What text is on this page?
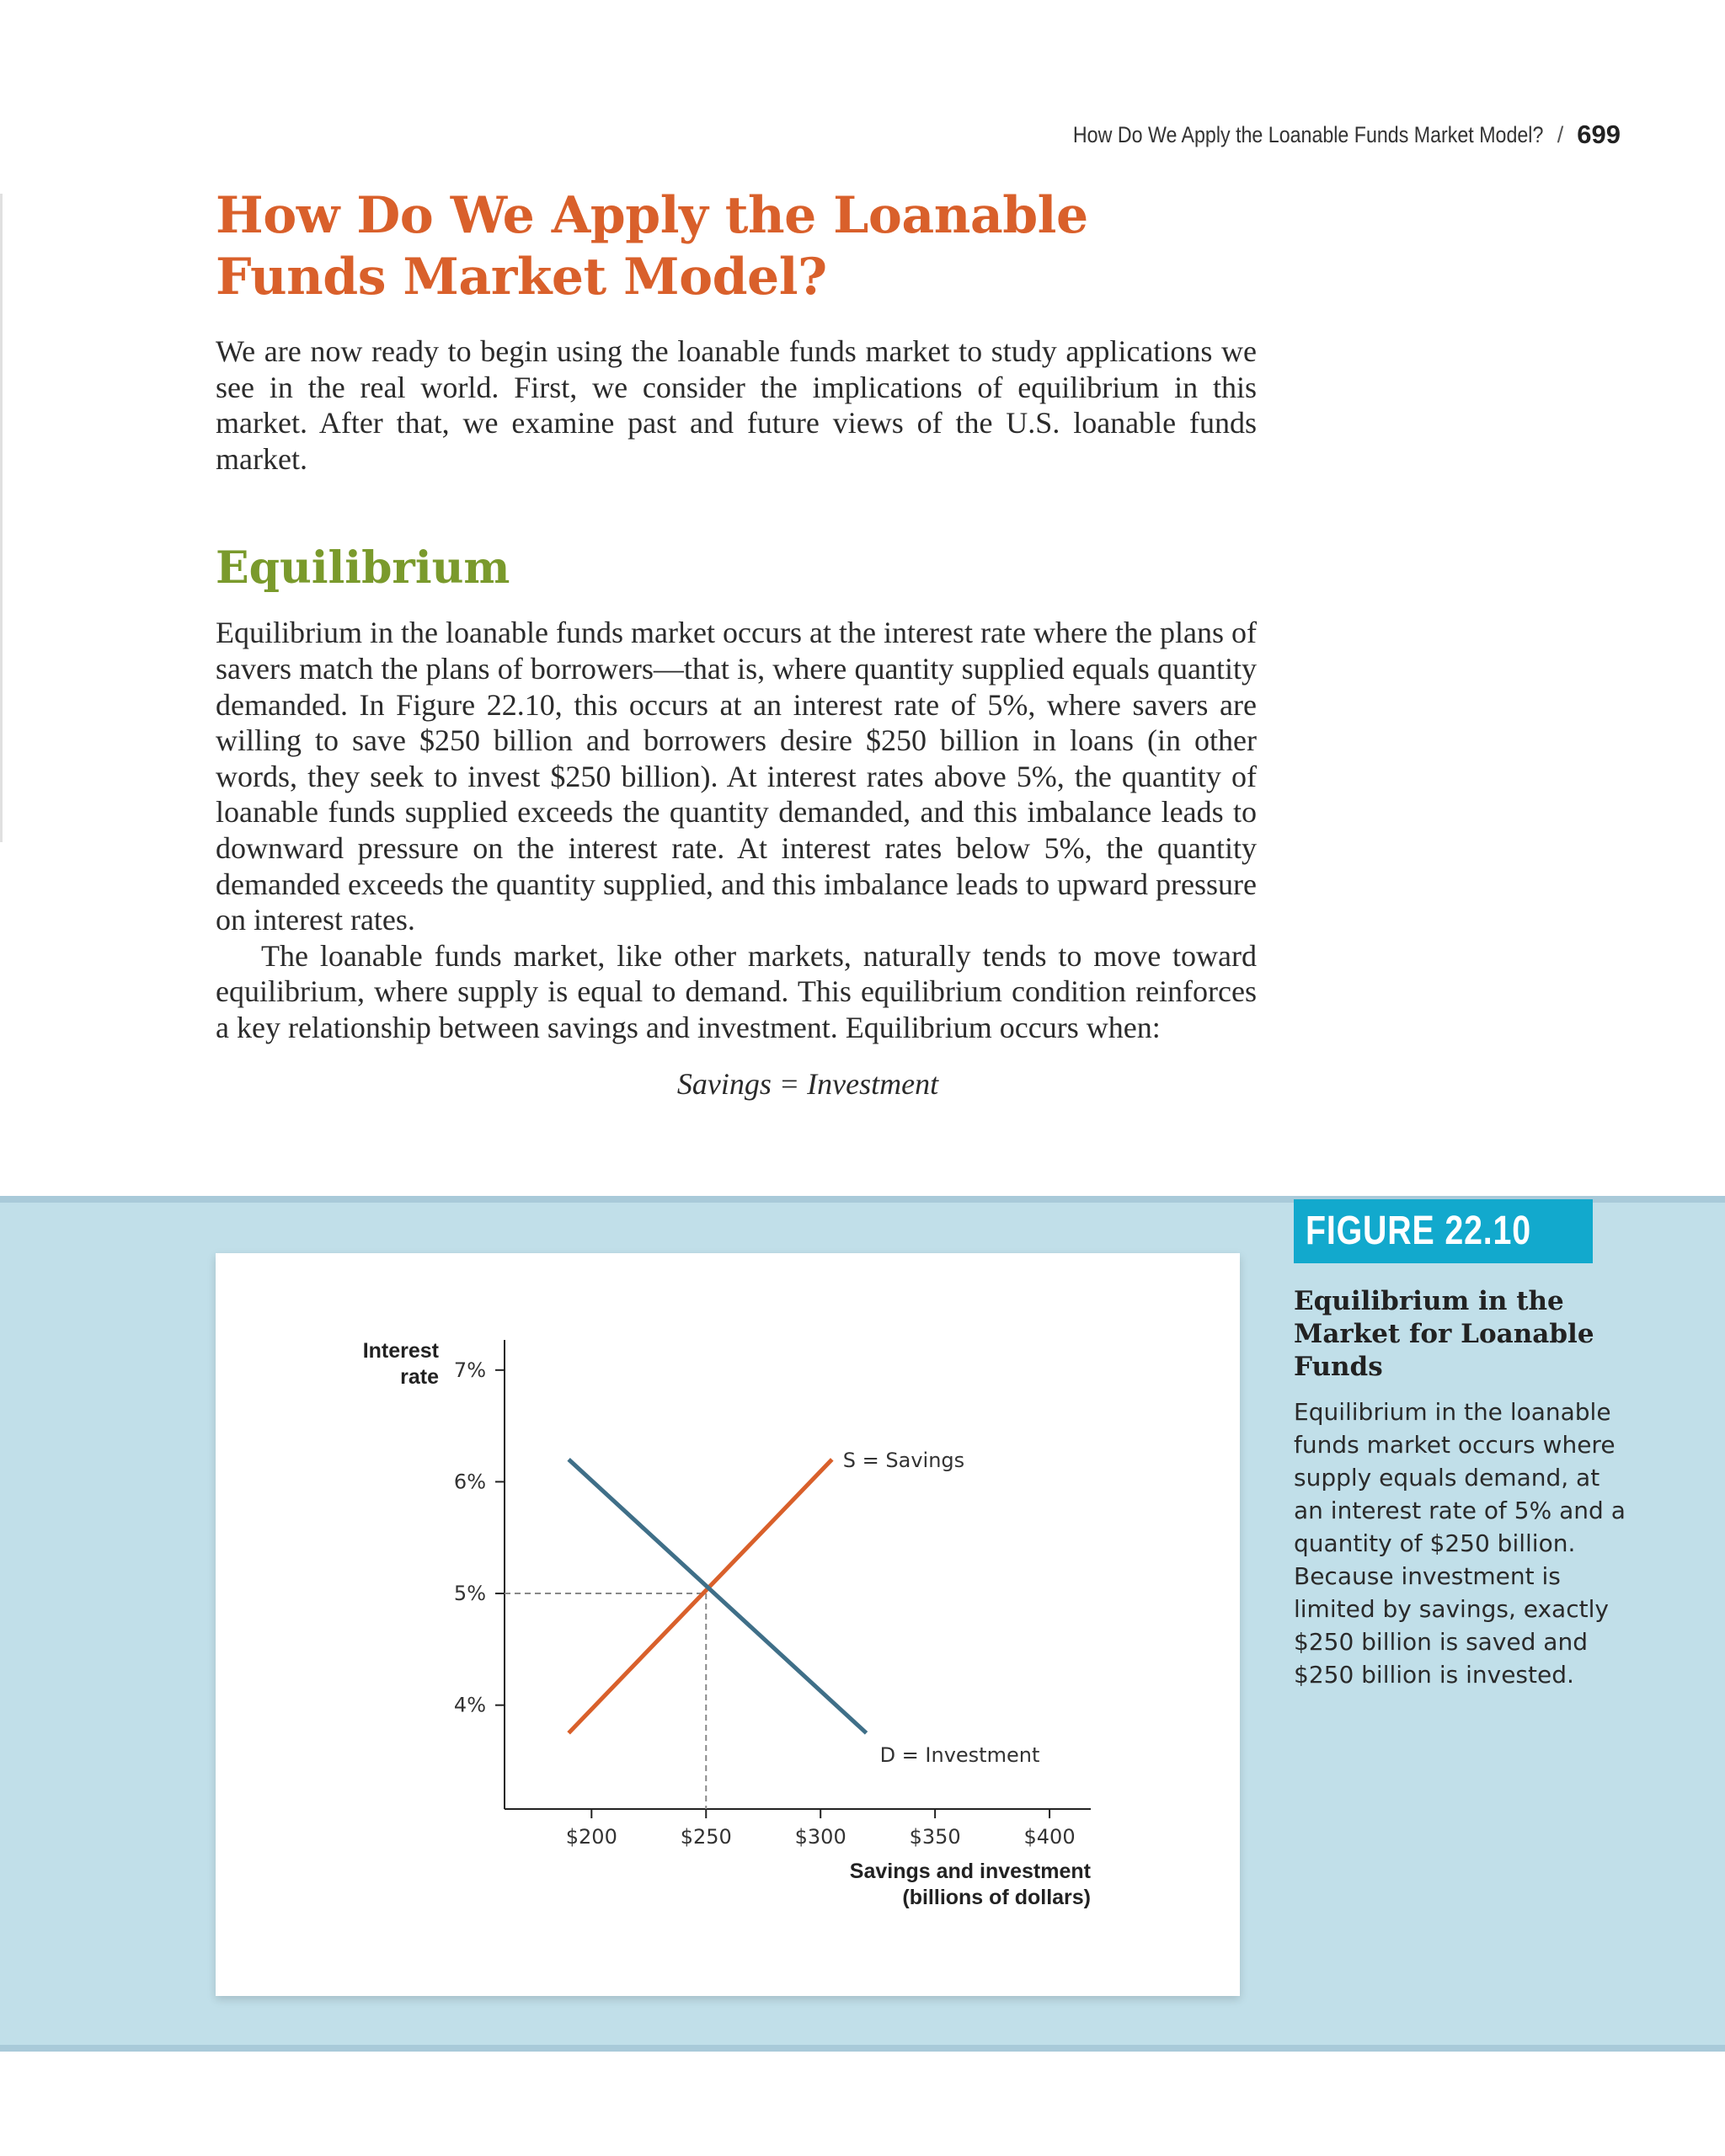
How Do We Apply the Loanable Funds Market Model? / 699
How Do We Apply the Loanable
Funds Market Model?

We are now ready to begin using the loanable funds market to study applications we see in the real world. First, we consider the implications of equilibrium in this market. After that, we examine past and future views of the U.S. loanable funds market.

Equilibrium

Equilibrium in the loanable funds market occurs at the interest rate where the plans of savers match the plans of borrowers—that is, where quantity supplied equals quantity demanded. In Figure 22.10, this occurs at an interest rate of 5%, where savers are willing to save $250 billion and borrowers desire $250 billion in loans (in other words, they seek to invest $250 billion). At interest rates above 5%, the quantity of loanable funds supplied exceeds the quantity demanded, and this imbalance leads to downward pressure on the interest rate. At interest rates below 5%, the quantity demanded exceeds the quantity supplied, and this imbalance leads to upward pressure on interest rates.

The loanable funds market, like other markets, naturally tends to move toward equilibrium, where supply is equal to demand. This equilibrium condition reinforces a key relationship between savings and investment. Equilibrium occurs when:

Savings = Investment
4%
5%
6%
7%
$200	$250	$300	$350	$400
S = Savings
D = Investment
Interest
rate
Savings and investment
(billions of dollars)
FIGURE 22.10
Equilibrium in the Market for Loanable Funds

Equilibrium in the loanable funds market occurs where supply equals demand, at an interest rate of 5% and a quantity of $250 billion. Because investment is limited by savings, exactly $250 billion is saved and $250 billion is invested.
